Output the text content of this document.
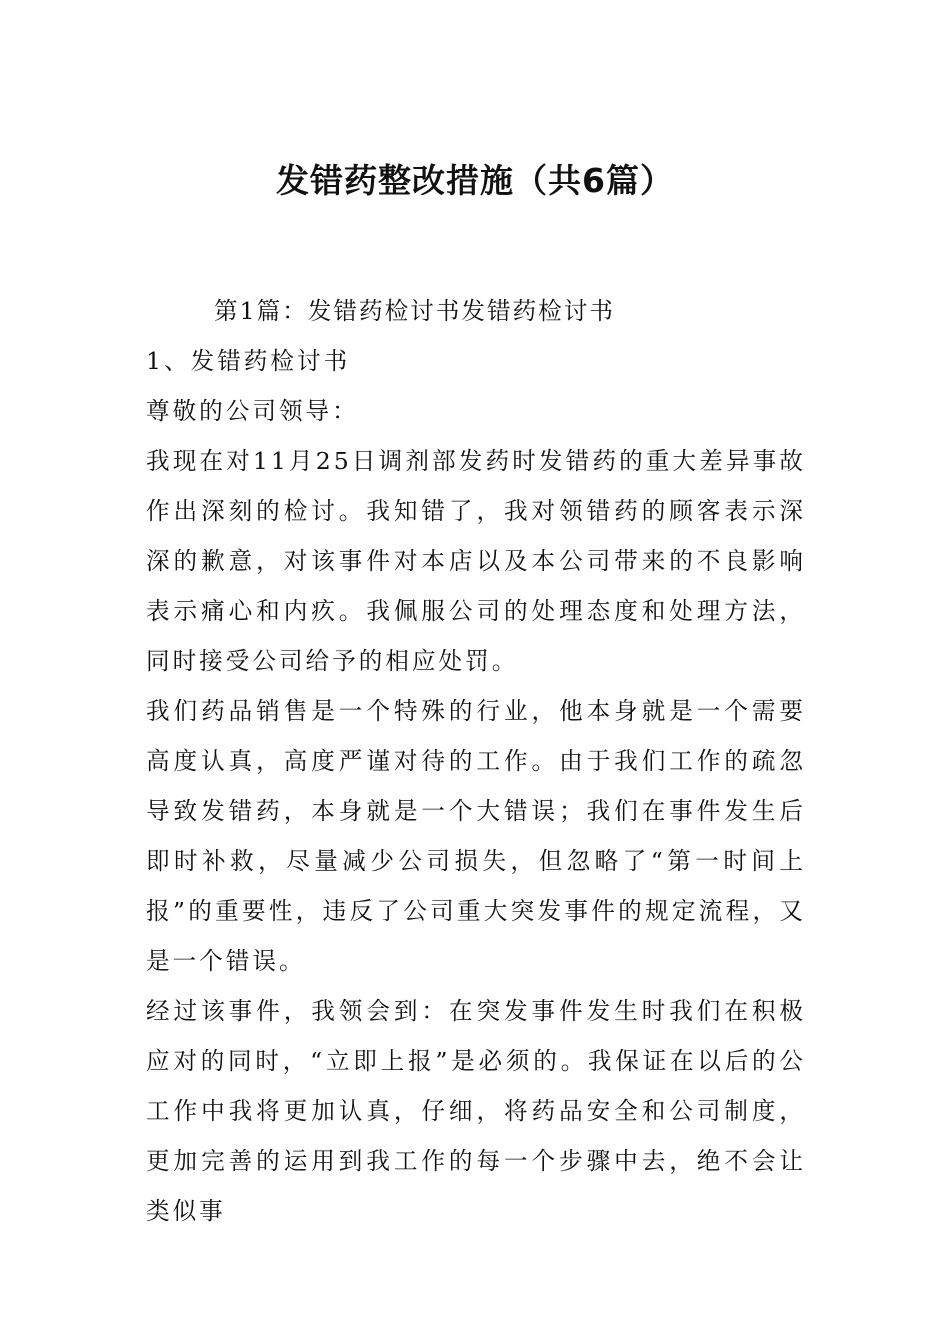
发错药整改措施（共6篇）

第1篇：发错药检讨书发错药检讨书

1、发错药检讨书

尊敬的公司领导：

我现在对11月25日调剂部发药时发错药的重大差异事故作出深刻的检讨。我知错了，我对领错药的顾客表示深深的歉意，对该事件对本店以及本公司带来的不良影响表示痛心和内疚。我佩服公司的处理态度和处理方法，同时接受公司给予的相应处罚。

我们药品销售是一个特殊的行业，他本身就是一个需要高度认真，高度严谨对待的工作。由于我们工作的疏忽导致发错药，本身就是一个大错误；我们在事件发生后即时补救，尽量减少公司损失，但忽略了“第一时间上报”的重要性，违反了公司重大突发事件的规定流程，又是一个错误。

经过该事件，我领会到：在突发事件发生时我们在积极应对的同时，“立即上报”是必须的。我保证在以后的公工作中我将更加认真，仔细，将药品安全和公司制度，更加完善的运用到我工作的每一个步骤中去，绝不会让类似事
